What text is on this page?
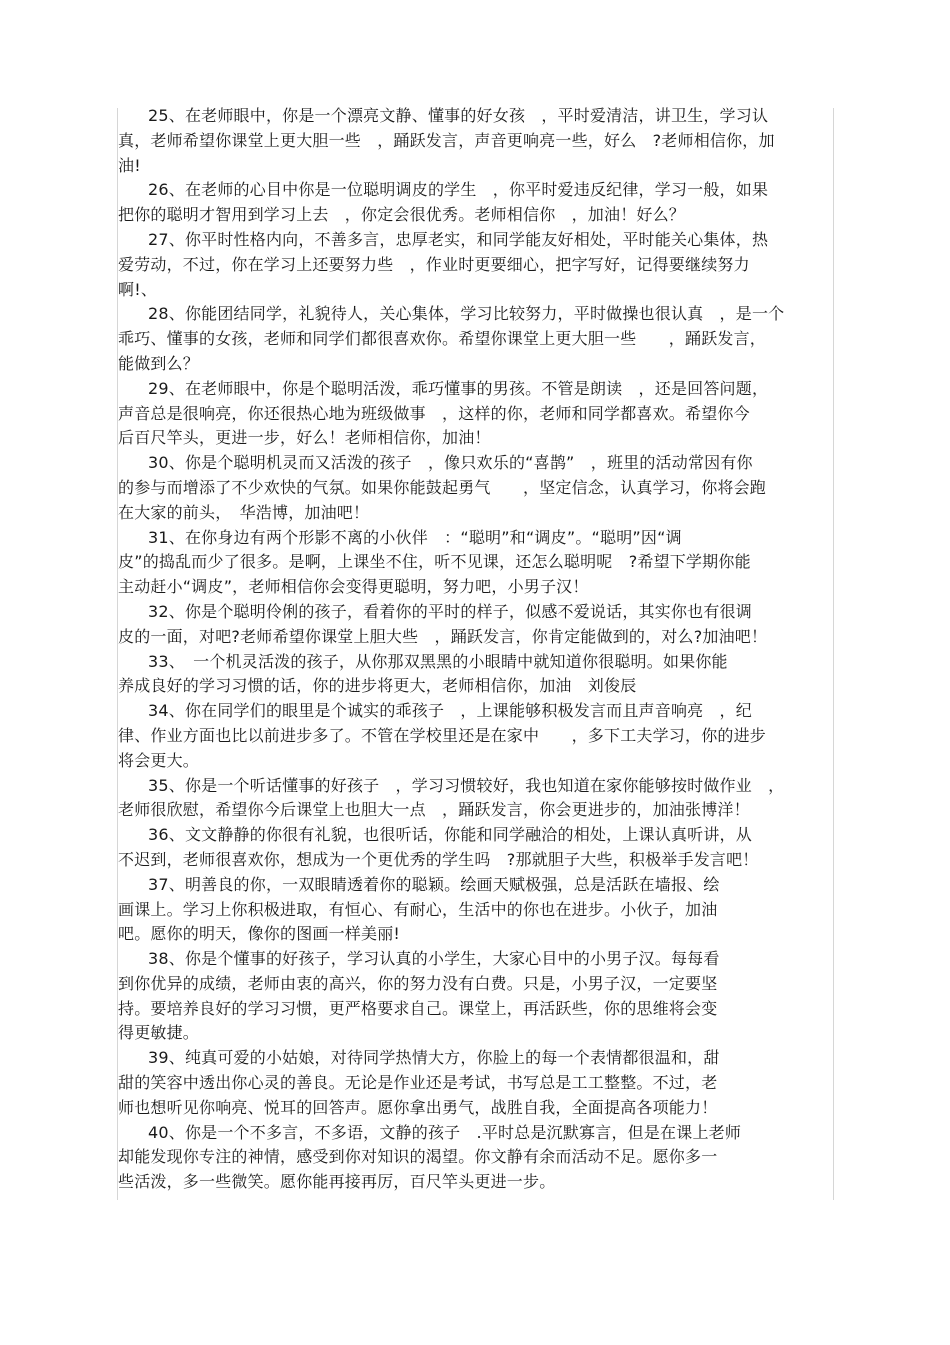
25、在老师眼中，你是一个漂亮文静、懂事的好女孩　，平时爱清洁，讲卫生，学习认
真，老师希望你课堂上更大胆一些　，踊跃发言，声音更响亮一些，好么　?老师相信你，加
油!
26、在老师的心目中你是一位聪明调皮的学生　，你平时爱违反纪律，学习一般，如果
把你的聪明才智用到学习上去　，你定会很优秀。老师相信你　，加油！好么？
27、你平时性格内向，不善多言，忠厚老实，和同学能友好相处，平时能关心集体，热
爱劳动，不过，你在学习上还要努力些　，作业时更要细心，把字写好，记得要继续努力
啊!、
28、你能团结同学，礼貌待人，关心集体，学习比较努力，平时做操也很认真　，是一个
乖巧、懂事的女孩，老师和同学们都很喜欢你。希望你课堂上更大胆一些　　，踊跃发言，
能做到么？
29、在老师眼中，你是个聪明活泼，乖巧懂事的男孩。不管是朗读　，还是回答问题，
声音总是很响亮，你还很热心地为班级做事　，这样的你，老师和同学都喜欢。希望你今
后百尺竿头，更进一步，好么！老师相信你，加油！
30、你是个聪明机灵而又活泼的孩子　，像只欢乐的“喜鹊”　，班里的活动常因有你
的参与而增添了不少欢快的气氛。如果你能鼓起勇气　　，坚定信念，认真学习，你将会跑
在大家的前头，　华浩博，加油吧！
31、在你身边有两个形影不离的小伙伴　：“聪明”和“调皮”。“聪明”因“调
皮”的捣乱而少了很多。是啊，上课坐不住，听不见课，还怎么聪明呢　?希望下学期你能
主动赶小“调皮”，老师相信你会变得更聪明，努力吧，小男子汉！
32、你是个聪明伶俐的孩子，看着你的平时的样子，似感不爱说话，其实你也有很调
皮的一面，对吧?老师希望你课堂上胆大些　，踊跃发言，你肯定能做到的，对么?加油吧！
33、　一个机灵活泼的孩子，从你那双黑黑的小眼睛中就知道你很聪明。如果你能
养成良好的学习习惯的话，你的进步将更大，老师相信你，加油　刘俊辰
34、你在同学们的眼里是个诚实的乖孩子　，上课能够积极发言而且声音响亮　，纪
律、作业方面也比以前进步多了。不管在学校里还是在家中　　，多下工夫学习，你的进步
将会更大。
35、你是一个听话懂事的好孩子　，学习习惯较好，我也知道在家你能够按时做作业　，
老师很欣慰，希望你今后课堂上也胆大一点　，踊跃发言，你会更进步的，加油张博洋！
36、文文静静的你很有礼貌，也很听话，你能和同学融洽的相处，上课认真听讲，从
不迟到，老师很喜欢你，想成为一个更优秀的学生吗　?那就胆子大些，积极举手发言吧！
37、明善良的你，一双眼睛透着你的聪颖。绘画天赋极强，总是活跃在墙报、绘
画课上。学习上你积极进取，有恒心、有耐心，生活中的你也在进步。小伙子，加油
吧。愿你的明天，像你的图画一样美丽!
38、你是个懂事的好孩子，学习认真的小学生，大家心目中的小男子汉。每每看
到你优异的成绩，老师由衷的高兴，你的努力没有白费。只是，小男子汉，一定要坚
持。要培养良好的学习习惯，更严格要求自己。课堂上，再活跃些，你的思维将会变
得更敏捷。
39、纯真可爱的小姑娘，对待同学热情大方，你脸上的每一个表情都很温和，甜
甜的笑容中透出你心灵的善良。无论是作业还是考试，书写总是工工整整。不过，老
师也想听见你响亮、悦耳的回答声。愿你拿出勇气，战胜自我，全面提高各项能力！
40、你是一个不多言，不多语，文静的孩子　.平时总是沉默寡言，但是在课上老师
却能发现你专注的神情，感受到你对知识的渴望。你文静有余而活动不足。愿你多一
些活泼，多一些微笑。愿你能再接再厉，百尺竿头更进一步。
